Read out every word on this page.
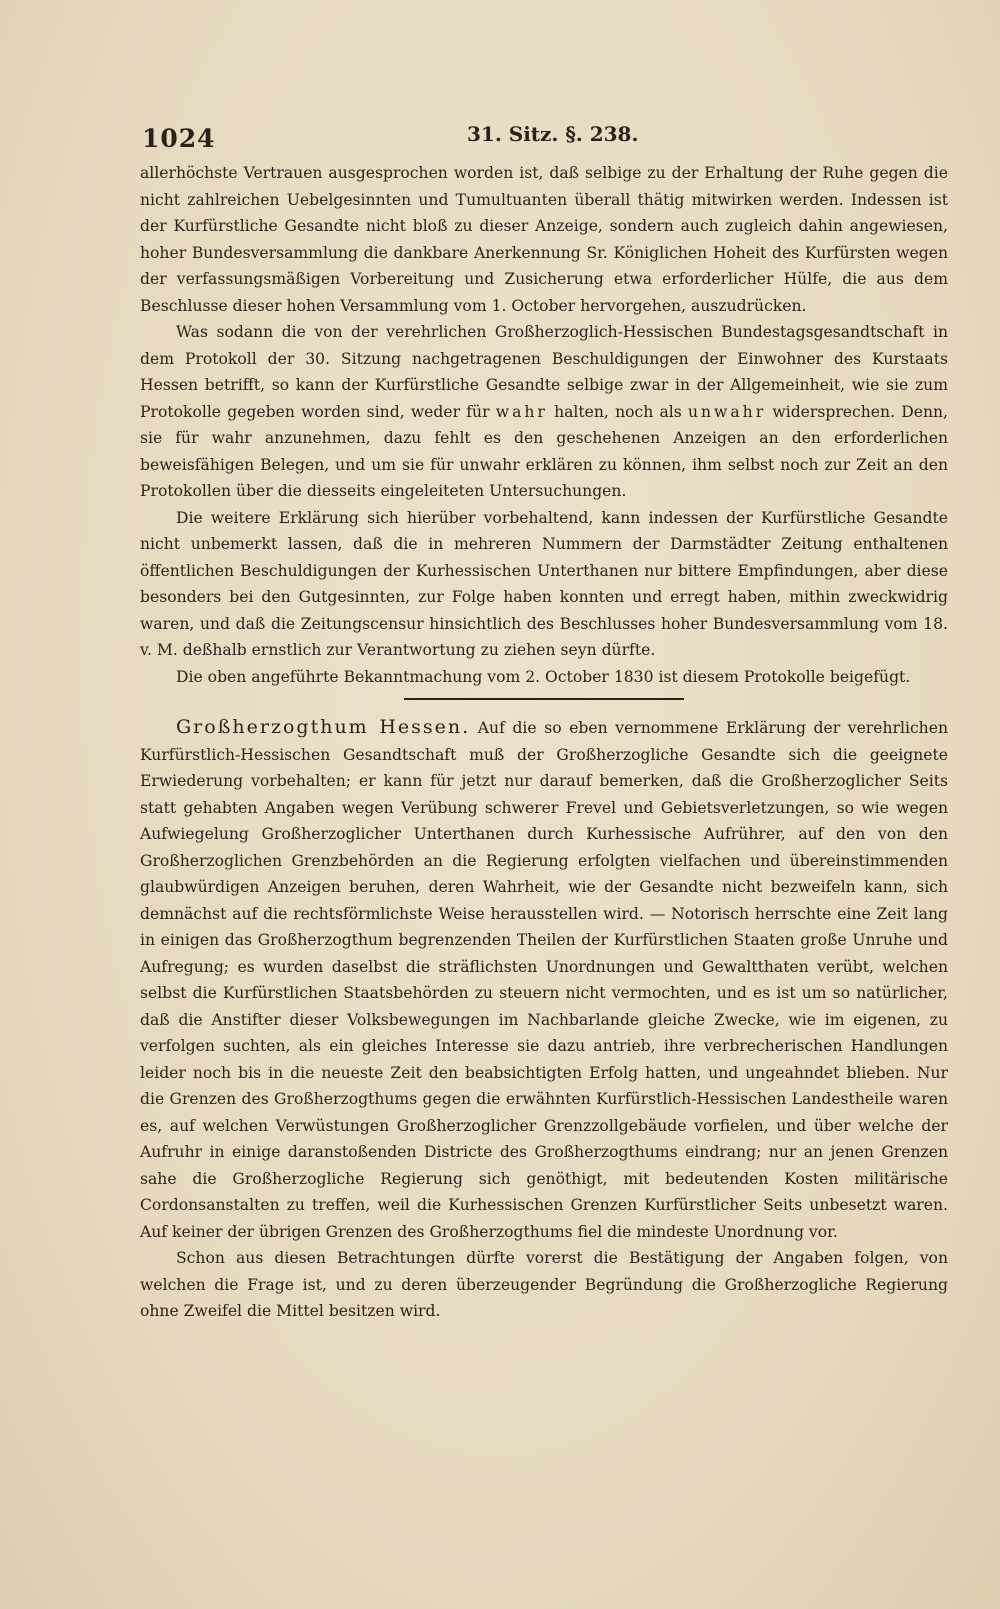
1024	31. Sitz. §. 238.

allerhöchste Vertrauen ausgesprochen worden ist, daß selbige zu der Erhaltung der Ruhe gegen die nicht zahlreichen Uebelgesinnten und Tumultuanten überall thätig mitwirken werden. Indessen ist der Kurfürstliche Gesandte nicht bloß zu dieser Anzeige, sondern auch zugleich dahin angewiesen, hoher Bundesversammlung die dankbare Anerkennung Sr. Königlichen Hoheit des Kurfürsten wegen der verfassungsmäßigen Vorbereitung und Zusicherung etwa erforderlicher Hülfe, die aus dem Beschlusse dieser hohen Versammlung vom 1. October hervorgehen, auszudrücken.

Was sodann die von der verehrlichen Großherzoglich-Hessischen Bundestagsgesandtschaft in dem Protokoll der 30. Sitzung nachgetragenen Beschuldigungen der Einwohner des Kurstaats Hessen betrifft, so kann der Kurfürstliche Gesandte selbige zwar in der Allgemeinheit, wie sie zum Protokolle gegeben worden sind, weder für wahr halten, noch als unwahr widersprechen. Denn, sie für wahr anzunehmen, dazu fehlt es den geschehenen Anzeigen an den erforderlichen beweisfähigen Belegen, und um sie für unwahr erklären zu können, ihm selbst noch zur Zeit an den Protokollen über die diesseits eingeleiteten Untersuchungen.

Die weitere Erklärung sich hierüber vorbehaltend, kann indessen der Kurfürstliche Gesandte nicht unbemerkt lassen, daß die in mehreren Nummern der Darmstädter Zeitung enthaltenen öffentlichen Beschuldigungen der Kurhessischen Unterthanen nur bittere Empfindungen, aber diese besonders bei den Gutgesinnten, zur Folge haben konnten und erregt haben, mithin zweckwidrig waren, und daß die Zeitungscensur hinsichtlich des Beschlusses hoher Bundesversammlung vom 18. v. M. deßhalb ernstlich zur Verantwortung zu ziehen seyn dürfte.

Die oben angeführte Bekanntmachung vom 2. October 1830 ist diesem Protokolle beigefügt.

Großherzogthum Hessen. Auf die so eben vernommene Erklärung der verehrlichen Kurfürstlich-Hessischen Gesandtschaft muß der Großherzogliche Gesandte sich die geeignete Erwiederung vorbehalten; er kann für jetzt nur darauf bemerken, daß die Großherzoglicher Seits statt gehabten Angaben wegen Verübung schwerer Frevel und Gebietsverletzungen, so wie wegen Aufwiegelung Großherzoglicher Unterthanen durch Kurhessische Aufrührer, auf den von den Großherzoglichen Grenzbehörden an die Regierung erfolgten vielfachen und übereinstimmenden glaubwürdigen Anzeigen beruhen, deren Wahrheit, wie der Gesandte nicht bezweifeln kann, sich demnächst auf die rechtsförmlichste Weise herausstellen wird. — Notorisch herrschte eine Zeit lang in einigen das Großherzogthum begrenzenden Theilen der Kurfürstlichen Staaten große Unruhe und Aufregung; es wurden daselbst die sträflichsten Unordnungen und Gewaltthaten verübt, welchen selbst die Kurfürstlichen Staatsbehörden zu steuern nicht vermochten, und es ist um so natürlicher, daß die Anstifter dieser Volksbewegungen im Nachbarlande gleiche Zwecke, wie im eigenen, zu verfolgen suchten, als ein gleiches Interesse sie dazu antrieb, ihre verbrecherischen Handlungen leider noch bis in die neueste Zeit den beabsichtigten Erfolg hatten, und ungeahndet blieben. Nur die Grenzen des Großherzogthums gegen die erwähnten Kurfürstlich-Hessischen Landestheile waren es, auf welchen Verwüstungen Großherzoglicher Grenzzollgebäude vorfielen, und über welche der Aufruhr in einige daranstoßenden Districte des Großherzogthums eindrang; nur an jenen Grenzen sahe die Großherzogliche Regierung sich genöthigt, mit bedeutenden Kosten militärische Cordonsanstalten zu treffen, weil die Kurhessischen Grenzen Kurfürstlicher Seits unbesetzt waren. Auf keiner der übrigen Grenzen des Großherzogthums fiel die mindeste Unordnung vor.

Schon aus diesen Betrachtungen dürfte vorerst die Bestätigung der Angaben folgen, von welchen die Frage ist, und zu deren überzeugender Begründung die Großherzogliche Regierung ohne Zweifel die Mittel besitzen wird.
